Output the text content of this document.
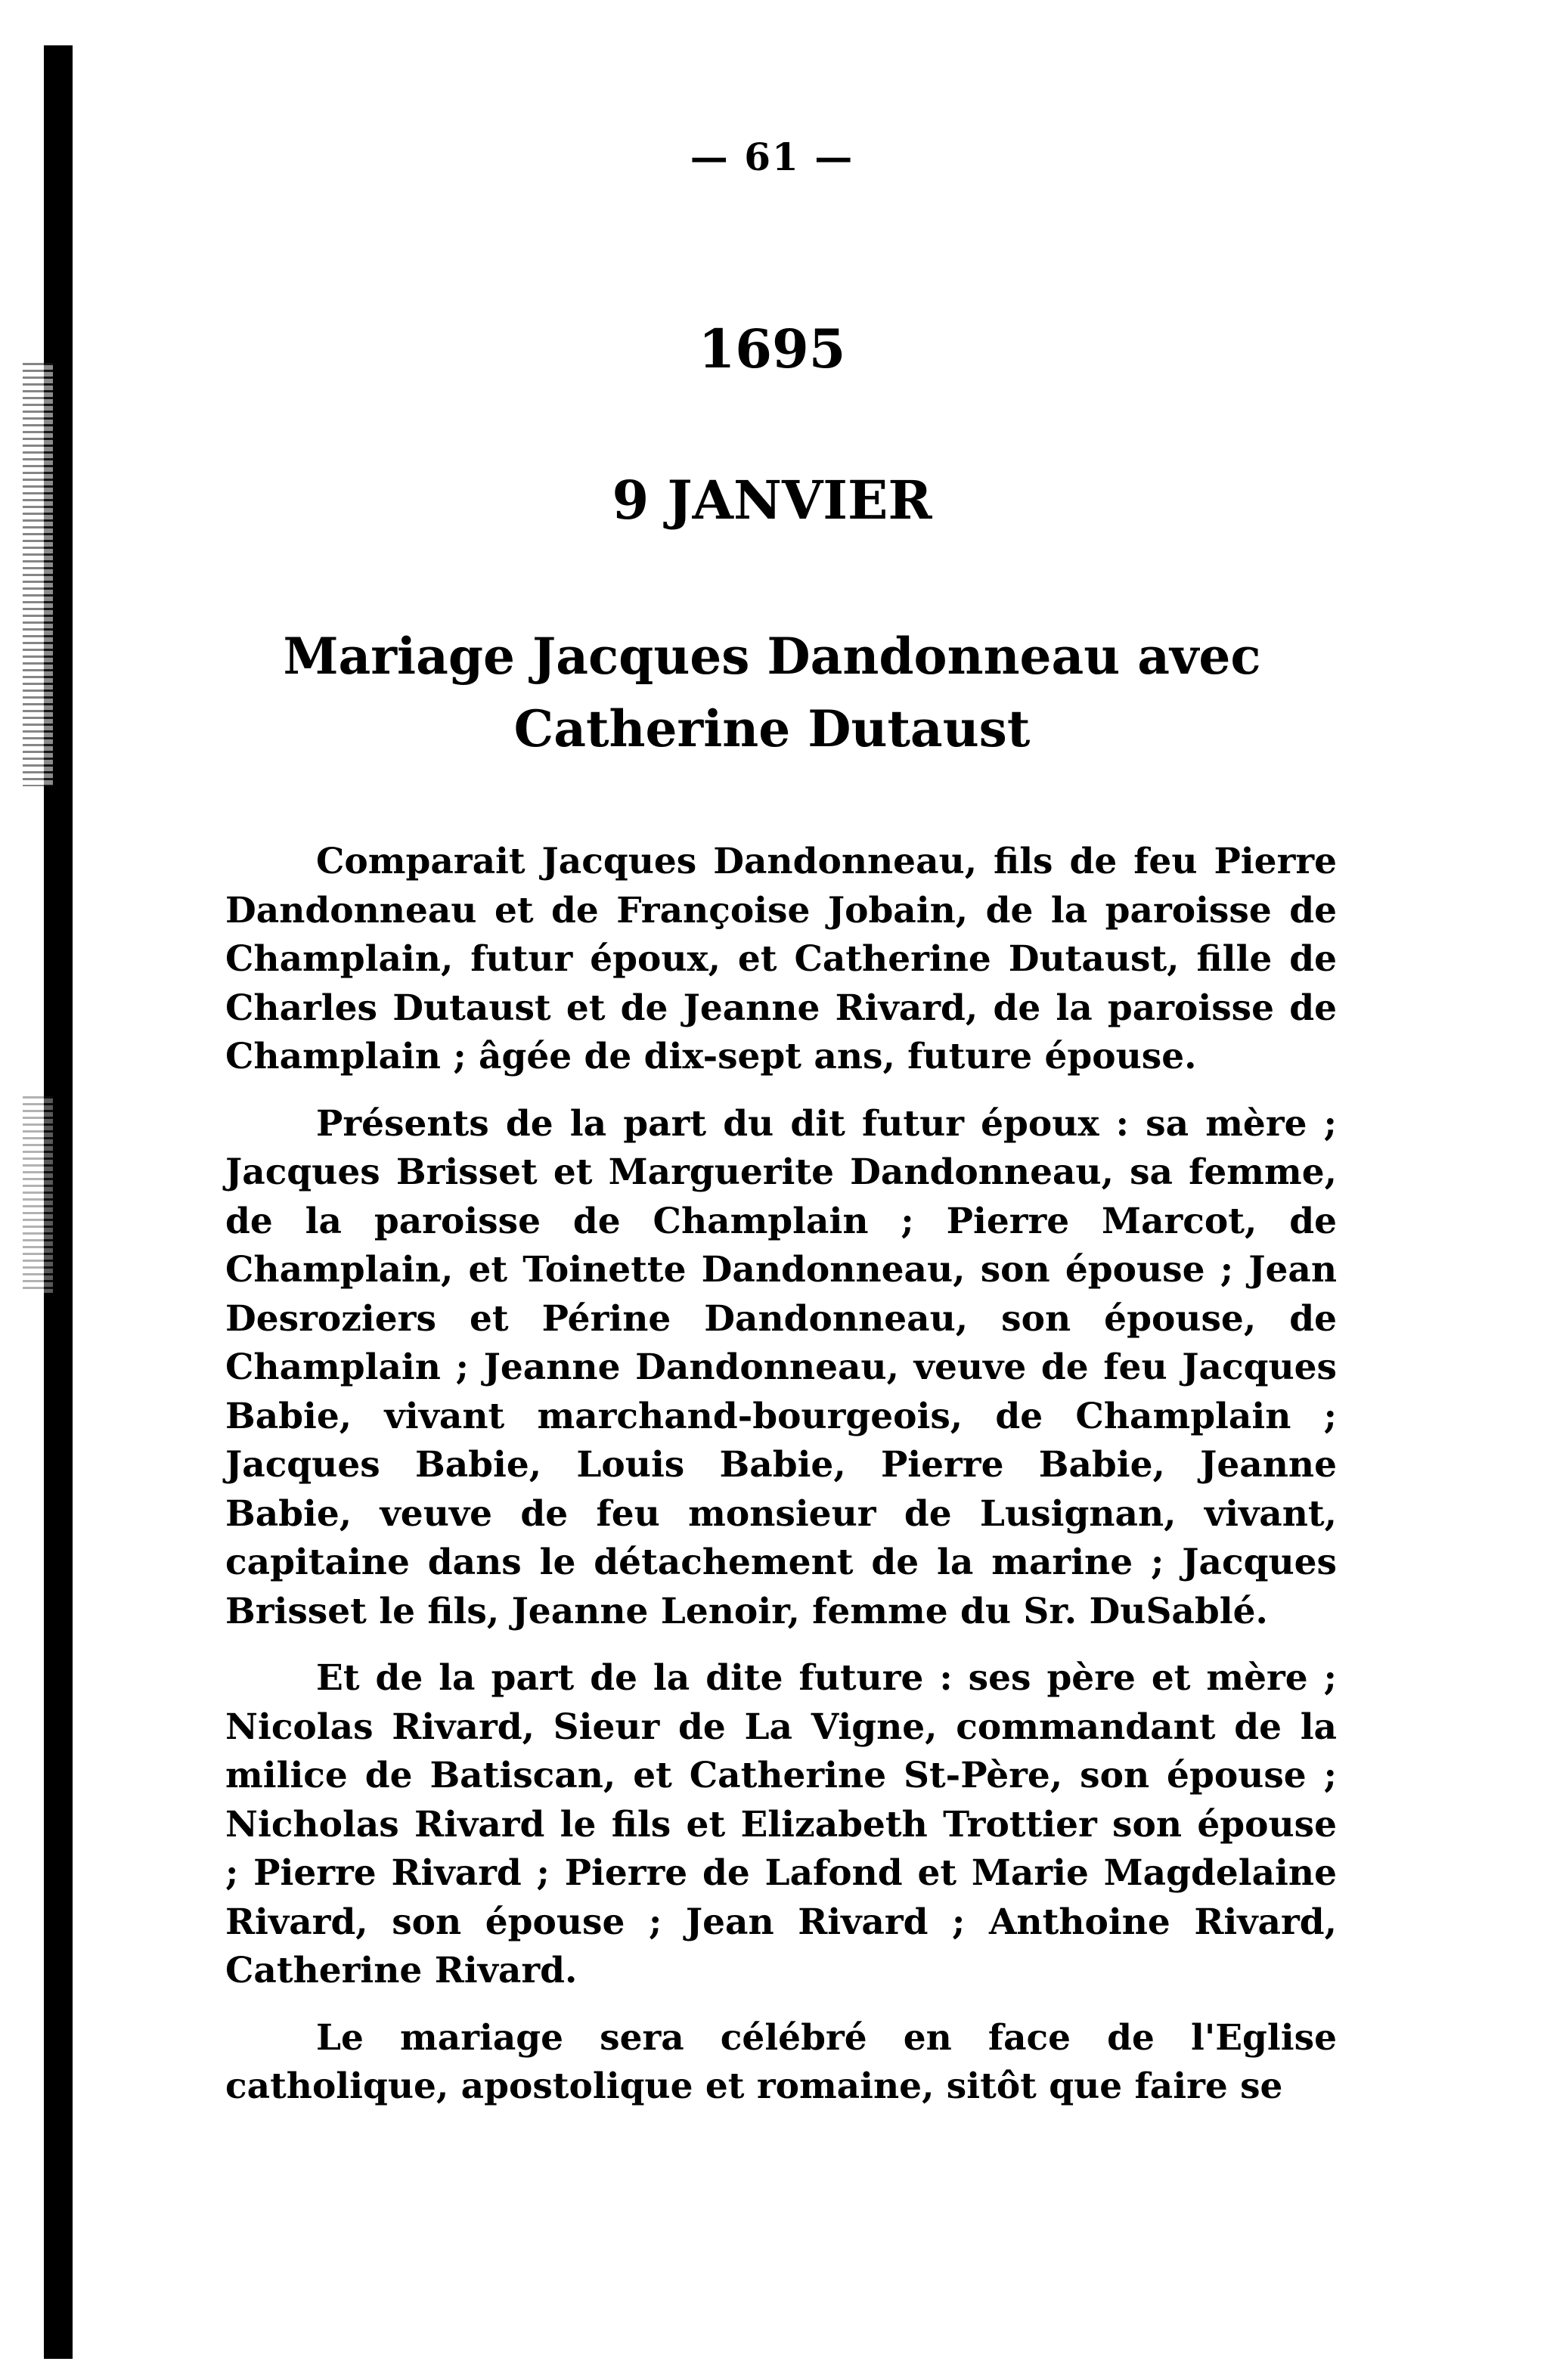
— 61 —
1695
9 JANVIER
Mariage Jacques Dandonneau avec
Catherine Dutaust

Comparait Jacques Dandonneau, fils de feu Pierre Dandonneau et de Françoise Jobain, de la paroisse de Champlain, futur époux, et Catherine Dutaust, fille de Charles Dutaust et de Jeanne Rivard, de la paroisse de Champlain ; âgée de dix-sept ans, future épouse.

Présents de la part du dit futur époux : sa mère ; Jacques Brisset et Marguerite Dandonneau, sa femme, de la paroisse de Champlain ; Pierre Marcot, de Champlain, et Toinette Dandonneau, son épouse ; Jean Desroziers et Périne Dandonneau, son épouse, de Champlain ; Jeanne Dandonneau, veuve de feu Jacques Babie, vivant marchand-bourgeois, de Champlain ; Jacques Babie, Louis Babie, Pierre Babie, Jeanne Babie, veuve de feu monsieur de Lusignan, vivant, capitaine dans le détachement de la marine ; Jacques Brisset le fils, Jeanne Lenoir, femme du Sr. DuSablé.

Et de la part de la dite future : ses père et mère ; Nicolas Rivard, Sieur de La Vigne, commandant de la milice de Batiscan, et Catherine St-Père, son épouse ; Nicholas Rivard le fils et Elizabeth Trottier son épouse ; Pierre Rivard ; Pierre de Lafond et Marie Magdelaine Rivard, son épouse ; Jean Rivard ; Anthoine Rivard, Catherine Rivard.

Le mariage sera célébré en face de l'Eglise catholique, apostolique et romaine, sitôt que faire se
